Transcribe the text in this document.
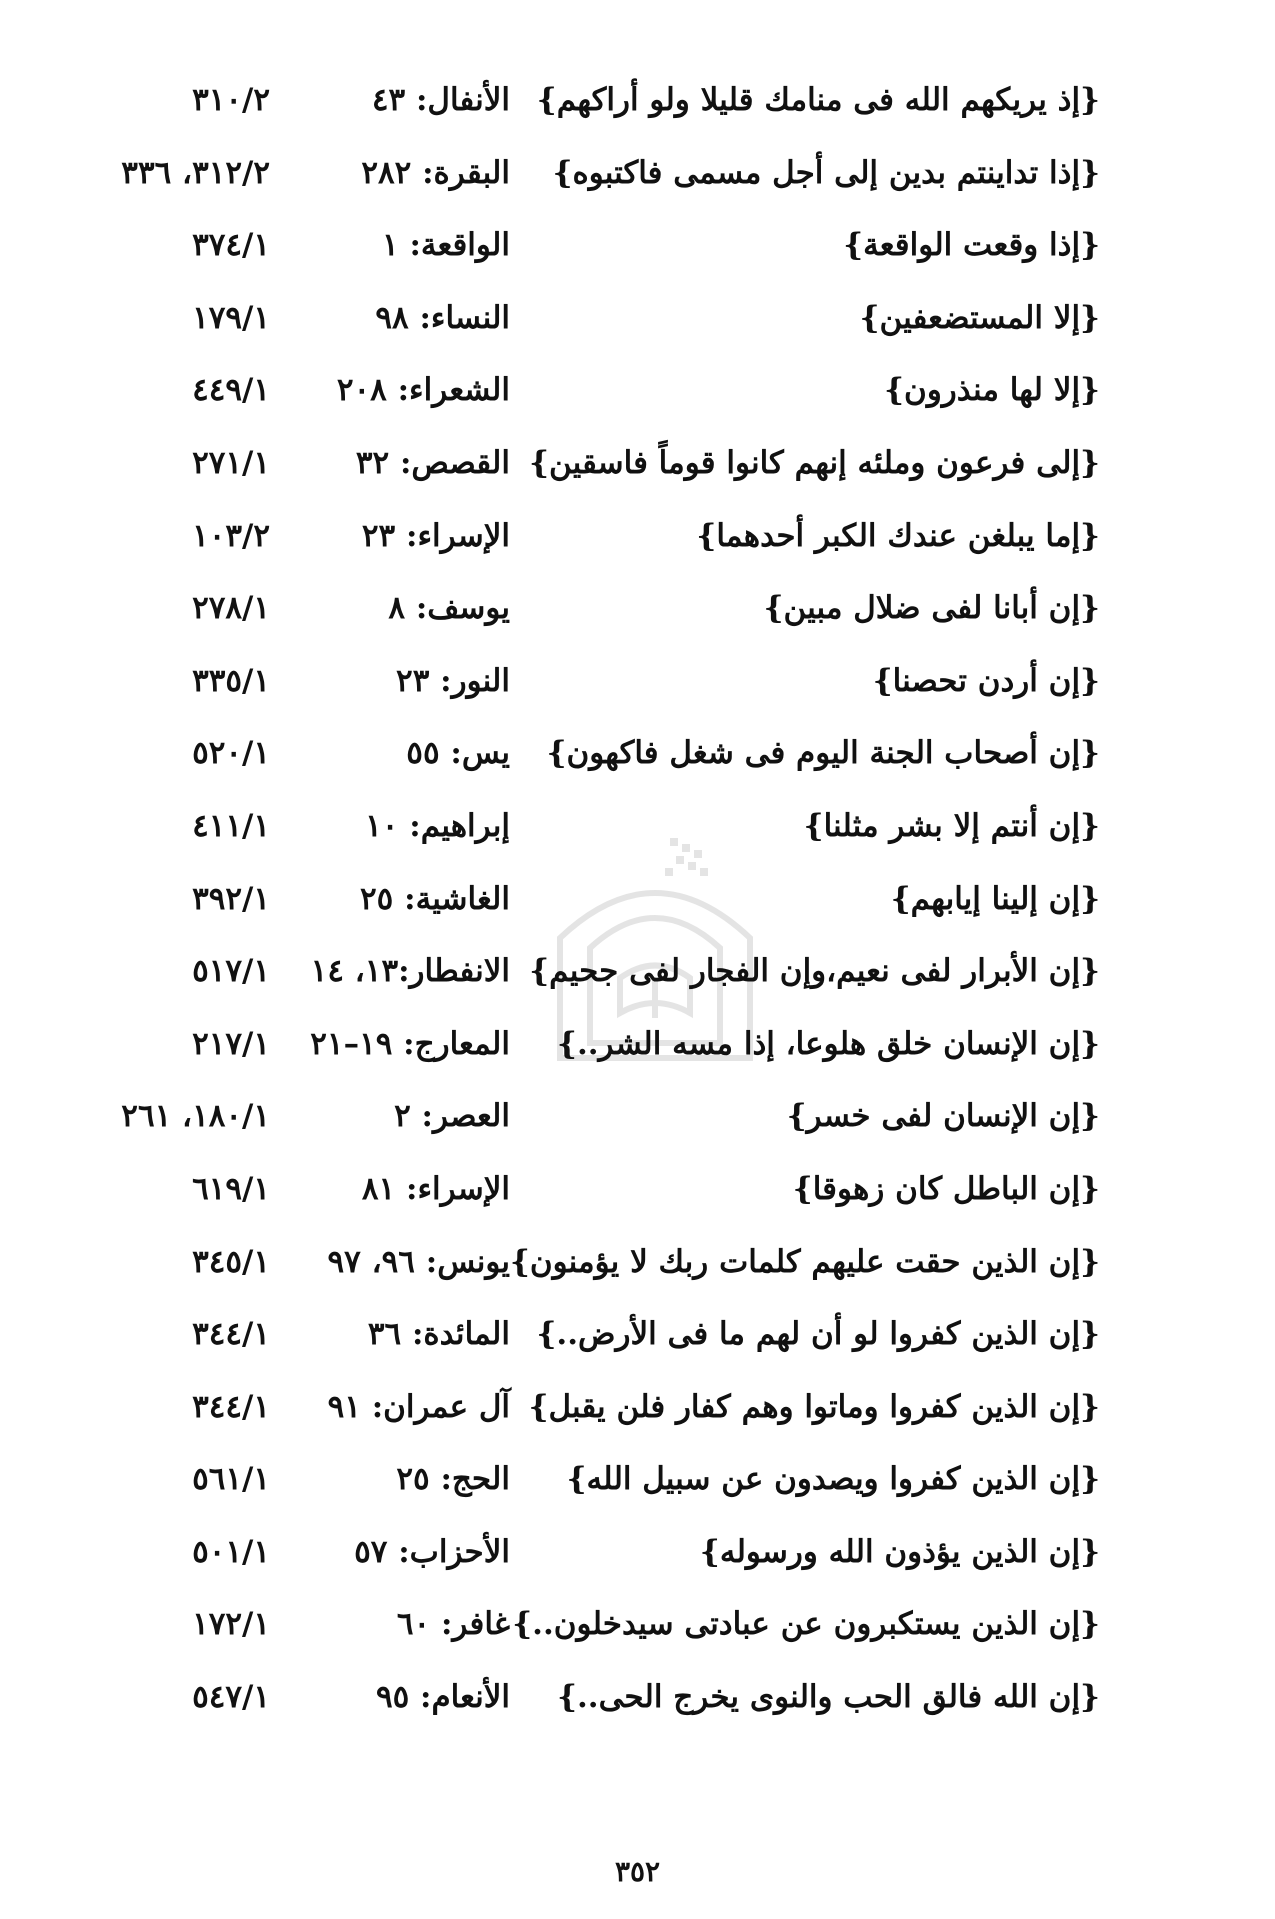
{إذ يريكهم الله فى منامك قليلا ولو أراكهم}
الأنفال: ٤٣
٣١٠/٢
{إذا تداينتم بدين إلى أجل مسمى فاكتبوه}
البقرة: ٢٨٢
٣١٢/٢، ٣٣٦
{إذا وقعت الواقعة}
الواقعة: ١
٣٧٤/١
{إلا المستضعفين}
النساء: ٩٨
١٧٩/١
{إلا لها منذرون}
الشعراء: ٢٠٨
٤٤٩/١
{إلى فرعون وملئه إنهم كانوا قوماً فاسقين}
القصص: ٣٢
٢٧١/١
{إما يبلغن عندك الكبر أحدهما}
الإسراء: ٢٣
١٠٣/٢
{إن أبانا لفى ضلال مبين}
يوسف: ٨
٢٧٨/١
{إن أردن تحصنا}
النور: ٢٣
٣٣٥/١
{إن أصحاب الجنة اليوم فى شغل فاكهون}
يس: ٥٥
٥٢٠/١
{إن أنتم إلا بشر مثلنا}
إبراهيم: ١٠
٤١١/١
{إن إلينا إيابهم}
الغاشية: ٢٥
٣٩٢/١
{إن الأبرار لفى نعيم،وإن الفجار لفى جحيم}
الانفطار:١٣، ١٤
٥١٧/١
{إن الإنسان خلق هلوعا، إذا مسه الشر..}
المعارج: ١٩–٢١
٢١٧/١
{إن الإنسان لفى خسر}
العصر: ٢
١٨٠/١، ٢٦١
{إن الباطل كان زهوقا}
الإسراء: ٨١
٦١٩/١
{إن الذين حقت عليهم كلمات ربك لا يؤمنون}
يونس: ٩٦، ٩٧
٣٤٥/١
{إن الذين كفروا لو أن لهم ما فى الأرض..}
المائدة: ٣٦
٣٤٤/١
{إن الذين كفروا وماتوا وهم كفار فلن يقبل}
آل عمران: ٩١
٣٤٤/١
{إن الذين كفروا ويصدون عن سبيل الله}
الحج: ٢٥
٥٦١/١
{إن الذين يؤذون الله ورسوله}
الأحزاب: ٥٧
٥٠١/١
{إن الذين يستكبرون عن عبادتى سيدخلون..}
غافر: ٦٠
١٧٢/١
{إن الله فالق الحب والنوى يخرج الحى..}
الأنعام: ٩٥
٥٤٧/١
٣٥٢
